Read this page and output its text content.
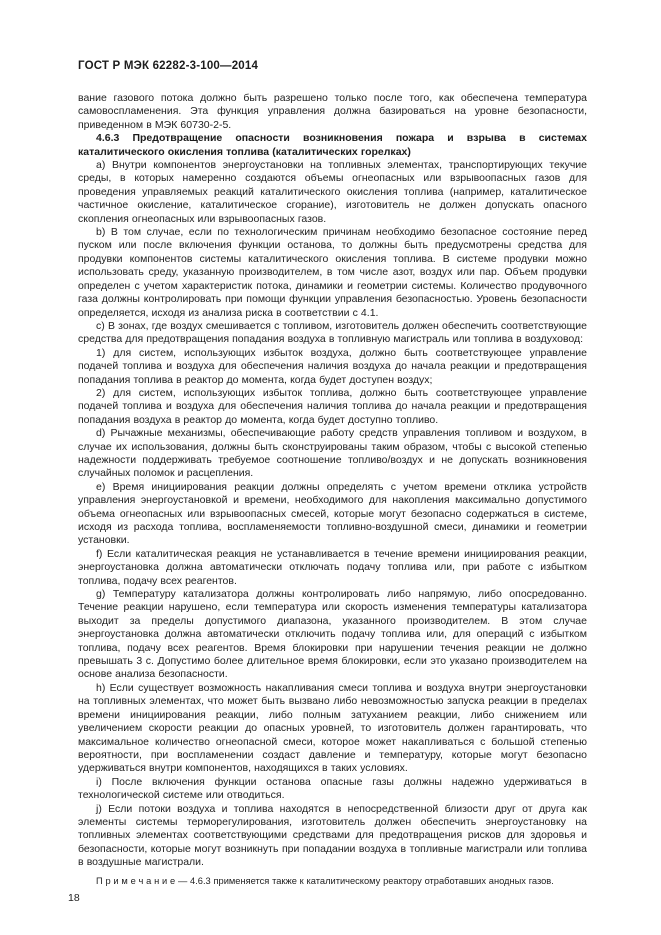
ГОСТ Р МЭК 62282-3-100—2014

вание газового потока должно быть разрешено только после того, как обеспечена температура самовоспламенения. Эта функция управления должна базироваться на уровне безопасности, приведенном в МЭК 60730-2-5.

4.6.3 Предотвращение опасности возникновения пожара и взрыва в системах каталитического окисления топлива (каталитических горелках)

a) Внутри компонентов энергоустановки на топливных элементах, транспортирующих текучие среды, в которых намеренно создаются объемы огнеопасных или взрывоопасных газов для проведения управляемых реакций каталитического окисления топлива (например, каталитическое частичное окисление, каталитическое сгорание), изготовитель не должен допускать опасного скопления огнеопасных или взрывоопасных газов.

b) В том случае, если по технологическим причинам необходимо безопасное состояние перед пуском или после включения функции останова, то должны быть предусмотрены средства для продувки компонентов системы каталитического окисления топлива. В системе продувки можно использовать среду, указанную производителем, в том числе азот, воздух или пар. Объем продувки определен с учетом характеристик потока, динамики и геометрии системы. Количество продувочного газа должны контролировать при помощи функции управления безопасностью. Уровень безопасности определяется, исходя из анализа риска в соответствии с 4.1.

c) В зонах, где воздух смешивается с топливом, изготовитель должен обеспечить соответствующие средства для предотвращения попадания воздуха в топливную магистраль или топлива в воздуховод:

1) для систем, использующих избыток воздуха, должно быть соответствующее управление подачей топлива и воздуха для обеспечения наличия воздуха до начала реакции и предотвращения попадания топлива в реактор до момента, когда будет доступен воздух;

2) для систем, использующих избыток топлива, должно быть соответствующее управление подачей топлива и воздуха для обеспечения наличия топлива до начала реакции и предотвращения попадания воздуха в реактор до момента, когда будет доступно топливо.

d) Рычажные механизмы, обеспечивающие работу средств управления топливом и воздухом, в случае их использования, должны быть сконструированы таким образом, чтобы с высокой степенью надежности поддерживать требуемое соотношение топливо/воздух и не допускать возникновения случайных поломок и расцепления.

e) Время инициирования реакции должны определять с учетом времени отклика устройств управления энергоустановкой и времени, необходимого для накопления максимально допустимого объема огнеопасных или взрывоопасных смесей, которые могут безопасно содержаться в системе, исходя из расхода топлива, воспламеняемости топливно-воздушной смеси, динамики и геометрии установки.

f) Если каталитическая реакция не устанавливается в течение времени инициирования реакции, энергоустановка должна автоматически отключать подачу топлива или, при работе с избытком топлива, подачу всех реагентов.

g) Температуру катализатора должны контролировать либо напрямую, либо опосредованно. Течение реакции нарушено, если температура или скорость изменения температуры катализатора выходит за пределы допустимого диапазона, указанного производителем. В этом случае энергоустановка должна автоматически отключить подачу топлива или, для операций с избытком топлива, подачу всех реагентов. Время блокировки при нарушении течения реакции не должно превышать 3 с. Допустимо более длительное время блокировки, если это указано производителем на основе анализа безопасности.

h) Если существует возможность накапливания смеси топлива и воздуха внутри энергоустановки на топливных элементах, что может быть вызвано либо невозможностью запуска реакции в пределах времени инициирования реакции, либо полным затуханием реакции, либо снижением или увеличением скорости реакции до опасных уровней, то изготовитель должен гарантировать, что максимальное количество огнеопасной смеси, которое может накапливаться с большой степенью вероятности, при воспламенении создаст давление и температуру, которые могут безопасно удерживаться внутри компонентов, находящихся в таких условиях.

i) После включения функции останова опасные газы должны надежно удерживаться в технологической системе или отводиться.

j) Если потоки воздуха и топлива находятся в непосредственной близости друг от друга как элементы системы терморегулирования, изготовитель должен обеспечить энергоустановку на топливных элементах соответствующими средствами для предотвращения рисков для здоровья и безопасности, которые могут возникнуть при попадании воздуха в топливные магистрали или топлива в воздушные магистрали.

П р и м е ч а н и е — 4.6.3 применяется также к каталитическому реактору отработавших анодных газов.

18
